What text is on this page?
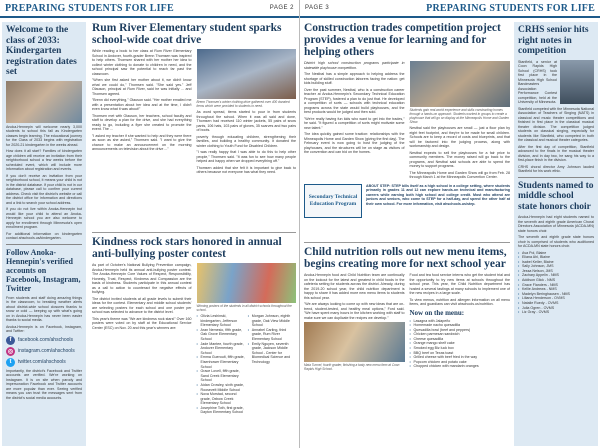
PREPARING STUDENTS FOR LIFE	PAGE 2
Welcome to the class of 2033: Kindergarten registration dates set

Anoka-Hennepin will welcome nearly 3,000 students to school this fall as Kindergarten classes begin learning. The educational journey for the Class of 2033 begins with registration for 2020-21 kindergarten in the weeks ahead.

How does it all start? Families of kindergarten age children will receive an invitation from their neighborhood school a few weeks before the scheduled event, which will include more information about registration and events.

If you don't receive an invitation from your neighborhood school, it means your child is not in the district database. If your child is not in our database, please call to confirm your current address. Check visit the district's website or call the district office for information and directions and a link to search your school address.

If you do not live within Anoka-Hennepin but would like your child to attend an Anoka-Hennepin school you are also welcome to apply for enrollment through Minnesota's open enrollment program.

For additional information on kindergarten contact ahschools.us/kindergarten.

Follow Anoka-Hennepin's verified accounts on Facebook, Instagram, Twitter

From students and staff doing amazing things in the classroom, to breaking weather alerts about district-wide school closures thanks to snow or cold — keeping up with what's going on in Anoka-Hennepin has never been easier thanks to social media.

Anoka-Hennepin is on Facebook, Instagram, and Twitter:

f	facebook.com/ahschools
◎ instagram.com/ahschools
t	twitter.com/ahschools

Importantly, the district's Facebook and Twitter accounts are verified. We're working on Instagram. It is on site when parody and impersonation Facebook and Twitter accounts are more popular than ever. Seeing verified means you can trust the messages sent from the district's social media accounts.

Rum River Elementary student sparks school-wide coat drive

While reading a book to her class at Rum River Elementary School in Andover, fourth-grader Brenn Thomsen was inspired to help others. Thomsen shared with her mother her idea to collect winter clothing to donate to children in need, and the school principal saw the potential to reach far past the classroom.

"When she first asked her mother about it, we didn't know what we could do," Thomsen said. "She said yes." Jeff Olauson, principal at Rum River, said he was initially ... and Thomsen agreed.

"Brenn did everything," Olauson said. "Her mother emailed me with a presentation about her idea and at the time, I didn't even know what it was about!"

Thomsen met with Olauson, her teachers, school faculty and staff to develop a plan for the drive, and she had everything ready to go, including a flyer she created to promote the event. The ...

"I asked my teacher if she wanted to help and they were there as soon as she asked," Thomsen said. "I want to give the chance to make an announcement on the morning announcements on television about the drive ..."

Brenn Thomsen's winter clothing drive gathered over 400 donated items which were provided to students in need.

As word spread, items started to pour in from students throughout the school. When it was all said and done, Thomsen had received 110 winter jackets, 55 pairs of snow pants, 106 hats, 103 pairs of gloves, 35 scarves and two pairs of boots.

poverty through educating children, strengthening their families, and building a healthy community. It donated the winter clothing to Youth Fund for Disabled Children.

"I was really happy that I was able to do this to help other people," Thomsen said. "It was fun to see how many people helped and happy when we dropped everything off."

Thomsen added that she felt it is important to give back to others because not everyone has what they need.

Kindness rock stars honored in annual anti-bullying poster contest

As part of October's National Bullying Prevention campaign, Anoka-Hennepin held its annual anti-bullying poster contest. The Anoka-Hennepin Core Values of Respect, Responsibility, Honesty, Trust, Respect, Kindness and Compassion are the basis of kindness. Students participate in this annual contest as a call to action to counteract the negative effects of bullying.

The district invited students at all grade levels to submit their ideas for the contest. Elementary and middle school students' are selecting posters for each school and one poster per school was selected to advance to the district level.

This year's theme was "We are kindness rock stars!" Over 160 posters were voted on by staff at the Educational Service Center (ESC) on Nov. 20 and this year's winners are:

Winning posters of the students in all district schools throughout the school.

• Olivia Leshinski, kindergarten, Jefferson Elementary School
• Aran Nemesio, fifth grade, Oak Grove Elementary School
• Jade Mantee, fourth grade, Andover Elementary School
• Emma Gueroult, fifth grade, Eisenhower Elementary School
• Grace Lovell, fifth grade, Sand Creek Elementary School
• Aidan Crowley, sixth grade, Roosevelt Middle School
• Nova Morstad, second grade, Oxbow Creek Elementary School
• Josephine Toth, first grade, Dayton Elementary School
• Morgan Johnson, eighth grade, Oak View Middle School
• Annabel Carling, third grade, Rum River Elementary School
• Emily Nguyen, seventh grade, Jackson Middle School - Center for Biomedical Science and Technology
PAGE 3	PREPARING STUDENTS FOR LIFE
Construction trades competition project provides a venue for learning and for helping others

District high school construction programs participate in statewide playhouse competition.

The Nestbal has a simple approach to helping address the shortage of skilled construction laborers facing the nation: get kids building stuff.

Over the past summer, Nestbal, who is a construction career teacher at Anoka-Hennepin's Secondary Technical Education Program (STEP), fostered a plan to do just that. He developed a competition of sorts — schools with technical education programs across the state would build playhouses, and the best products would be judged and then sold.

"We're really having fun kids who want to get into the trades," he said. "It figured a competition of sorts might motivate some new talent."

The idea quickly gained some traction: relationships with the Minneapolis Home and Garden Show (giving the first day). The February event is now going to host the judging of the playhouses, and the structures will be on stage as visitors of the convention and can bid on the homes.

Students gain real-world experience and skills constructing homes through a hands-on approach. Students worked in groups to create a playhouse that will go on display at the Minneapolis Home and Garden Show.

Nestbal said the playhouses are small — just a floor plan by eight feet footprint, and they're to be made for small children. Schools are to keep a record of costs and blueprints, and that will be factored into the judging process, along with workmanship and design.

Nestbal expects to sell the playhouses for a fair price to community members. The money raised will go back to the programs, and Nestbal said schools are able to spend the money to support programs.

The Minneapolis Home and Garden Show will go from Feb. 28 through March 1 at the Minneapolis Convention Center.

Secondary Technical Education Program

ABOUT STEP: STEP bills itself as a high school in a college setting, where students primarily in grades 11 and 12 can explore hands-on technical and manufacturing careers while earning both high school and college credit. Most who attend are juniors and seniors, who come to STEP for a half-day, and spend the other half at their own school. For more information, visit ahschools.us/step.

Child nutrition rolls out new menu items, begins creating more for next school year

Anoka-Hennepin food and Child Nutrition team are continually on the lookout for the latest and greatest in child foods in the cafeteria setting for students across the district. Already, during the 2019-20 school year, the child nutrition department is happy to share it has added more new menu items to students this school year.

"We are always looking to come up with new ideas that are on-trend, student-tested, and healthy meal options," Ford said. "We have spent many hours in the kitchen working with staff to make sure we can duplicate the recipes we develop."

Maia Tunnel, fourth grader, finishing a tasty new menu item at Coon Rapids High School.

Food and tea food service interns who get the student trial and the opportunity to try new items at schools throughout the school year. This year, the Child Nutrition department has hosted a several tastings at many schools to implement one of the new recipes in a large scale.

To view menus, nutrition and allergen information on all menu items, and guardians can visit ahschools.us/nutrition.

Now on the menu:
• Lasagna with Jalapeño
• Homemade nacho quesadilla
• Quesadilla bowl (beef and peppers)
• Chicken parmesan sandwich
• Cheese quesadilla
• Orange mango shelf cake
• Smoked egg Biz luck box
• BBQ beef on Texas toast
• Grilled cheese with beef fried in the way
• Popcorn chicken and potato cake
• Chopped chicken with mandarin oranges
CRHS senior hits right notes in competition

Stanfield, a senior at Coon Rapids High School (CRHS) took first place in the Minnesota High School Bandmasters Association Performance Contest competition, held at the University of Minnesota.

Stanfield competed with the Minnesota National Association of Teachers of Singing (NATS) in classical and music theater competitions and finished in first place in the classical musical theater division. The competition judged students on classical singing, especially for students like Stanfield, who competed in both the classical and musical theater categories.

After the first day of competition, Stanfield advanced to the finals in the musical theater division, and in day two, he sang his way to a first-place finish in the division.

CRHS choral director Amy Johnson lauded Stanfield for his work ethic.

Students named to middle school state honors choir

Anoka-Hennepin had eight students named to the seventh and eighth grade American Choral Directors Association of Minnesota (ACDA-MN) state honors choir.

The seventh and eighth grade state honors choir is comprised of students who auditioned for ACDA-MN state honors choir.

• Ava Pol, Blaine
• Eliana Ahl, Blaine
• Isabel Keller, Blaine
• Sally Johnson, JMS
• Jessa Nelson, JMS
• Zachary Appelin - NMS
• Addison Glick - NMS
• Grace Flanders - NMS
• Kellie Andrews - NMS
• Madelyn Beringhausen - NMS
• Liliana Henderson - OVMS
• Natalie Ruedy - OVMS
• Julia Ogren - OVMS
• Liz Gray - OVMS
